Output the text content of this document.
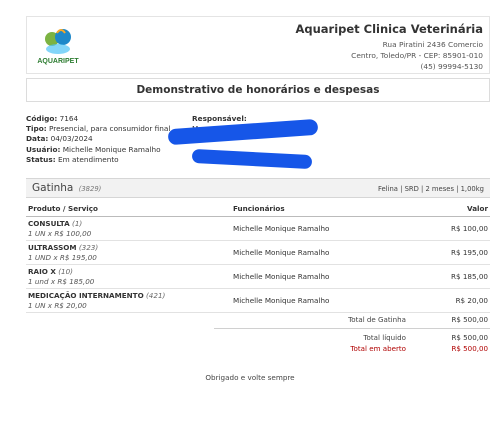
AQUARIPET
Aquaripet Clinica Veterinária
Rua Piratini 2436 Comercio
Centro, Toledo/PR - CEP: 85901-010
(45) 99994-5130
Demonstrativo de honorários e despesas
Código: 7164
Tipo: Presencial, para consumidor final
Data: 04/03/2024
Usuário: Michelle Monique Ramalho
Status: Em atendimento
Responsável:
Gatinha (3829)	Felina | SRD | 2 meses | 1,00kg
Produto / Serviço	Funcionários	Valor
CONSULTA (1)
1 UN x R$ 100,00	Michelle Monique Ramalho	R$ 100,00
ULTRASSOM (323)
1 UND x R$ 195,00	Michelle Monique Ramalho	R$ 195,00
RAIO X (10)
1 und x R$ 185,00	Michelle Monique Ramalho	R$ 185,00
MEDICAÇÃO INTERNAMENTO (421)
1 UN x R$ 20,00	Michelle Monique Ramalho	R$ 20,00
Total de Gatinha	R$ 500,00
Total líquido	R$ 500,00
Total em aberto	R$ 500,00
Obrigado e volte sempre
